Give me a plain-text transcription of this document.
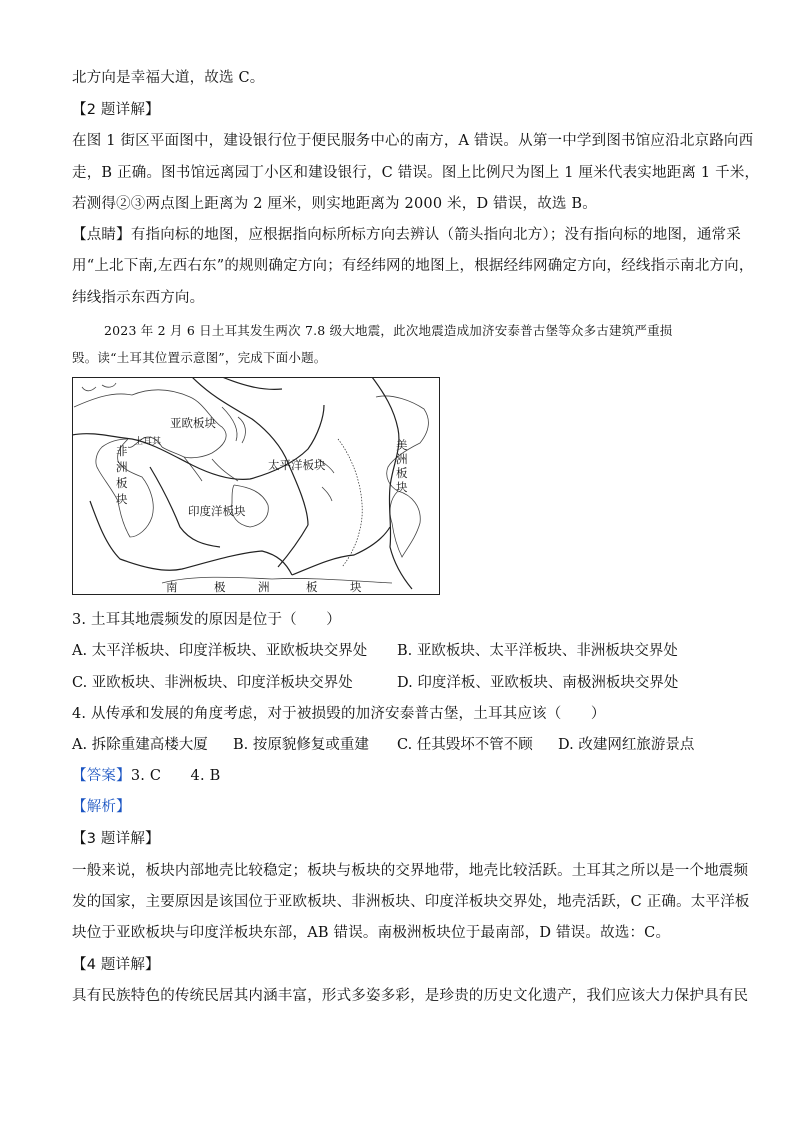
北方向是幸福大道，故选 C。
【2 题详解】
在图 1 街区平面图中，建设银行位于便民服务中心的南方，A 错误。从第一中学到图书馆应沿北京路向西
走，B 正确。图书馆远离园丁小区和建设银行，C 错误。图上比例尺为图上 1 厘米代表实地距离 1 千米，
若测得②③两点图上距离为 2 厘米，则实地距离为 2000 米，D 错误，故选 B。
【点睛】有指向标的地图，应根据指向标所标方向去辨认（箭头指向北方）；没有指向标的地图，通常采
用“上北下南,左西右东”的规则确定方向；有经纬网的地图上，根据经纬网确定方向，经线指示南北方向，
纬线指示东西方向。
2023 年 2 月 6 日土耳其发生两次 7.8 级大地震，此次地震造成加济安泰普古堡等众多古建筑严重损
毁。读“土耳其位置示意图”，完成下面小题。
亚欧板块
土耳其
非
洲
板
块
太平洋板块
美
洲
板
块
印度洋板块
南	极	洲	板	块
3. 土耳其地震频发的原因是位于（　　）
A. 太平洋板块、印度洋板块、亚欧板块交界处 B. 亚欧板块、太平洋板块、非洲板块交界处
C. 亚欧板块、非洲板块、印度洋板块交界处	D. 印度洋板、亚欧板块、南极洲板块交界处
4. 从传承和发展的角度考虑，对于被损毁的加济安泰普古堡，土耳其应该（　　）
A. 拆除重建高楼大厦 B. 按原貌修复或重建 C. 任其毁坏不管不顾 D. 改建网红旅游景点
【答案】3. C　　4. B
【解析】
【3 题详解】
一般来说，板块内部地壳比较稳定；板块与板块的交界地带，地壳比较活跃。土耳其之所以是一个地震频
发的国家，主要原因是该国位于亚欧板块、非洲板块、印度洋板块交界处，地壳活跃，C 正确。太平洋板
块位于亚欧板块与印度洋板块东部，AB 错误。南极洲板块位于最南部，D 错误。故选：C。
【4 题详解】
具有民族特色的传统民居其内涵丰富，形式多姿多彩，是珍贵的历史文化遗产，我们应该大力保护具有民
